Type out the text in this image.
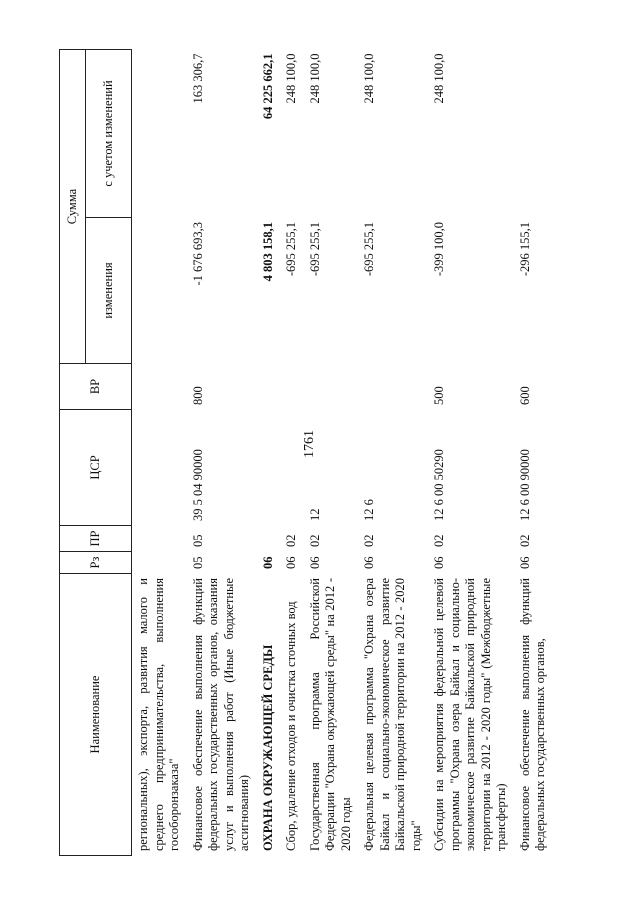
1761
Наименование	Рз	ПР	ЦСР	ВР	Сумма	
					изменения	с учетом изменений
региональных), экспорта, развития малого и среднего предпринимательства, выполнения гособоронзаказа"						
Финансовое обеспечение выполнения функций федеральных государственных органов, оказания услуг и выполнения работ (Иные бюджетные ассигнования)	05	05	39 5 04 90000	800	-1 676 693,3	163 306,7
ОХРАНА ОКРУЖАЮЩЕЙ СРЕДЫ	06				4 803 158,1	64 225 662,1
Сбор, удаление отходов и очистка сточных вод	06	02			-695 255,1	248 100,0
Государственная программа Российской Федерации "Охрана окружающей среды" на 2012 - 2020 годы	06	02	12		-695 255,1	248 100,0
Федеральная целевая программа "Охрана озера Байкал и социально-экономическое развитие Байкальской природной территории на 2012 - 2020 годы"	06	02	12 6		-695 255,1	248 100,0
Субсидии на мероприятия федеральной целевой программы "Охрана озера Байкал и социально-экономическое развитие Байкальской природной территории на 2012 - 2020 годы" (Межбюджетные трансферты)	06	02	12 6 00 50290	500	-399 100,0	248 100,0
Финансовое обеспечение выполнения функций федеральных государственных органов,	06	02	12 6 00 90000	600	-296 155,1	
